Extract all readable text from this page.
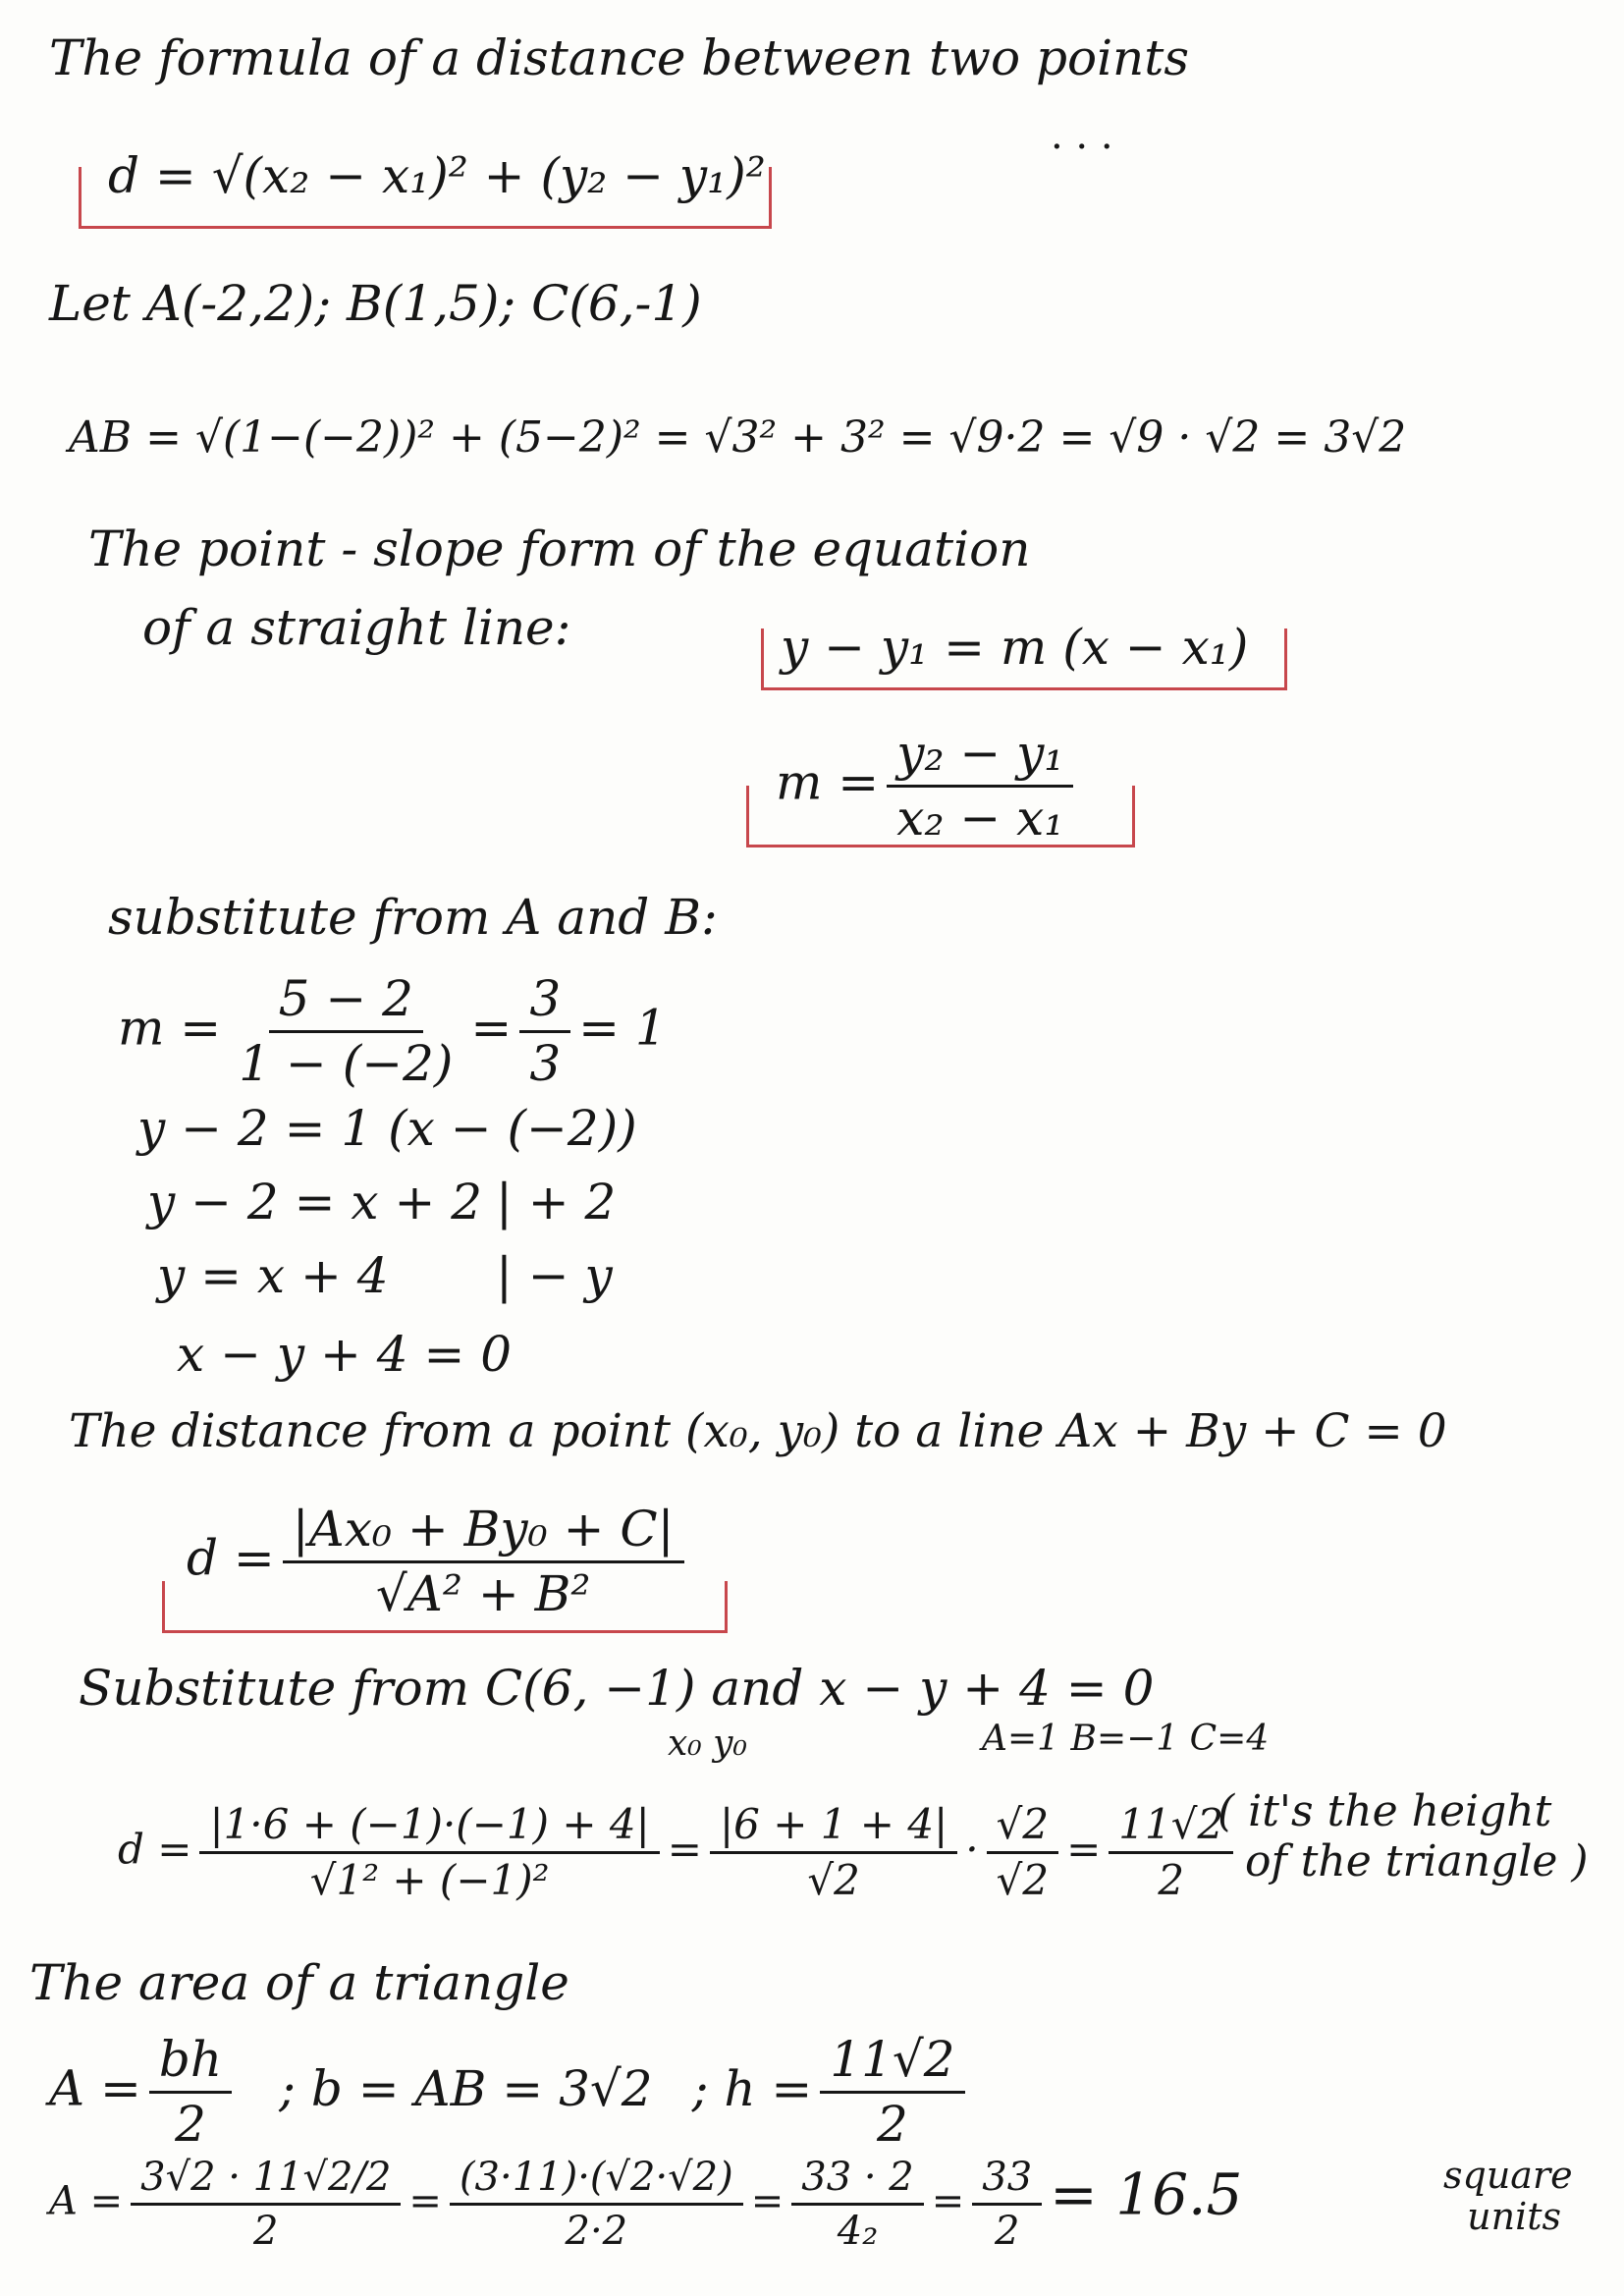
The formula of a distance between two points
. . .
d = √(x₂ − x₁)² + (y₂ − y₁)²
Let A(-2,2); B(1,5); C(6,-1)
AB = √(1−(−2))² + (5−2)² = √3² + 3² = √9·2 = √9 · √2 = 3√2
The point - slope form of the equation
of a straight line:	y − y₁ = m (x − x₁)
$m = \frac{\text{y₂ − y₁}}{\text{x₂ − x₁}}$
substitute from A and B:
$m = \frac{5 - 2}{1 - (-2)} = \frac{3}{3} = 1$
y − 2 = 1 (x − (−2))
y − 2 = x + 2 | + 2
y = x + 4 | − y
x − y + 4 = 0
The distance from a point (x₀, y₀) to a line Ax + By + C = 0
$d = \frac{\text{|Ax₀ + By₀ + C|}}{\text{√A² + B²}}$
Substitute from C(6, −1) and x − y + 4 = 0
x₀ y₀	A=1 B=−1 C=4
$d = \frac{|1\cdot 6 + (-1)\cdot(-1) + 4|}{\text{√1² + (−1)²}} = \frac{|6 + 1 + 4|}{√2} \cdot \frac{√2}{√2} = \frac{11√2}{2}$
( it's the height
of the triangle )
The area of a triangle
$A = \frac{bh}{2}$ ; b = AB = 3√2 ; $h = \frac{11√2}{2}$
$A = \frac{3√2 \cdot 11√2/2}{2} = \frac{(3\cdot 11)\cdot(√2\cdot√2)}{2\cdot 2} = \frac{33 \cdot 2}{\text{4₂}} = \frac{33}{2} = 16.5$	square
units
